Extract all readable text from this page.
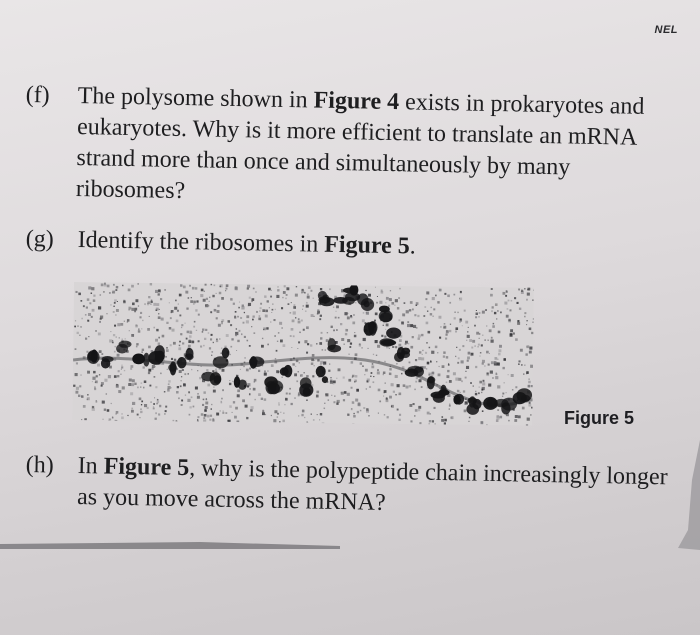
NEL
(f) The polysome shown in Figure 4 exists in prokaryotes and eukaryotes. Why is it more efficient to translate an mRNA strand more than once and simultaneously by many ribosomes?
(g) Identify the ribosomes in Figure 5.
Figure 5
(h) In Figure 5, why is the polypeptide chain increasingly longer as you move across the mRNA?
